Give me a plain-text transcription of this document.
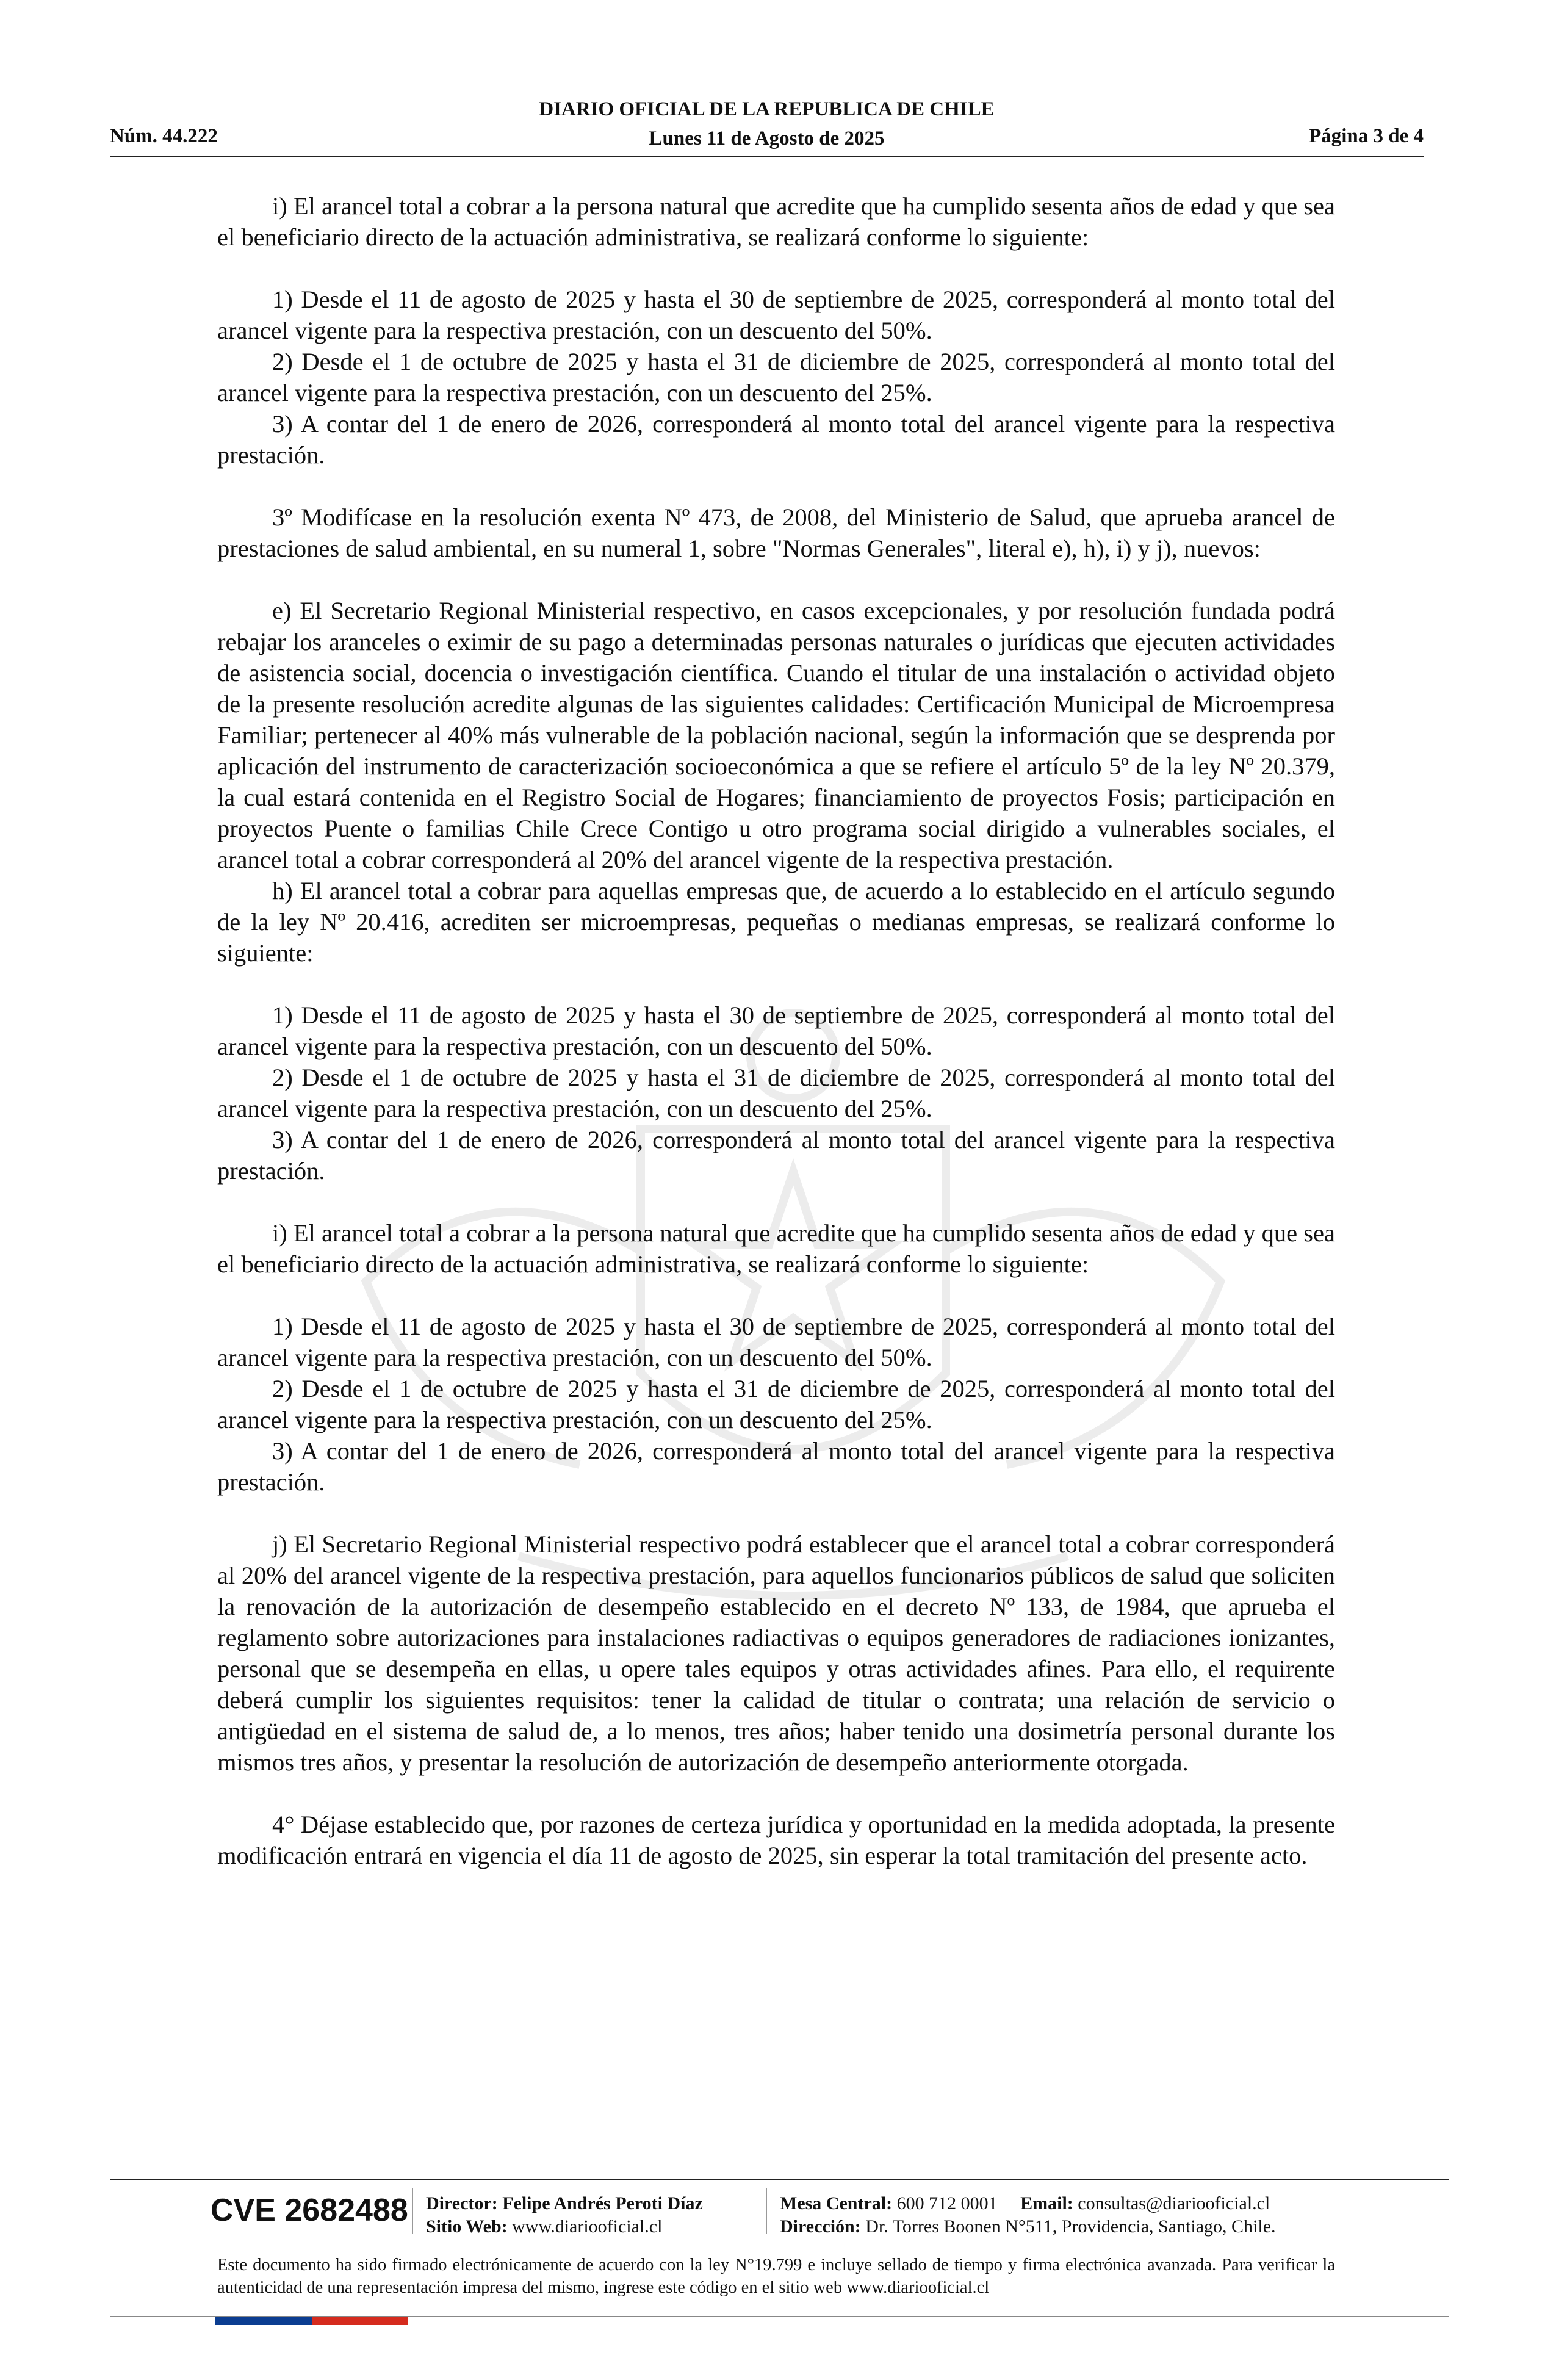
Núm. 44.222
DIARIO OFICIAL DE LA REPUBLICA DE CHILE
Lunes 11 de Agosto de 2025	Página 3 de 4

i) El arancel total a cobrar a la persona natural que acredite que ha cumplido sesenta años de edad y que sea el beneficiario directo de la actuación administrativa, se realizará conforme lo siguiente:

1) Desde el 11 de agosto de 2025 y hasta el 30 de septiembre de 2025, corresponderá al monto total del arancel vigente para la respectiva prestación, con un descuento del 50%.

2) Desde el 1 de octubre de 2025 y hasta el 31 de diciembre de 2025, corresponderá al monto total del arancel vigente para la respectiva prestación, con un descuento del 25%.

3) A contar del 1 de enero de 2026, corresponderá al monto total del arancel vigente para la respectiva prestación.

3º Modifícase en la resolución exenta Nº 473, de 2008, del Ministerio de Salud, que aprueba arancel de prestaciones de salud ambiental, en su numeral 1, sobre "Normas Generales", literal e), h), i) y j), nuevos:

e) El Secretario Regional Ministerial respectivo, en casos excepcionales, y por resolución fundada podrá rebajar los aranceles o eximir de su pago a determinadas personas naturales o jurídicas que ejecuten actividades de asistencia social, docencia o investigación científica. Cuando el titular de una instalación o actividad objeto de la presente resolución acredite algunas de las siguientes calidades: Certificación Municipal de Microempresa Familiar; pertenecer al 40% más vulnerable de la población nacional, según la información que se desprenda por aplicación del instrumento de caracterización socioeconómica a que se refiere el artículo 5º de la ley Nº 20.379, la cual estará contenida en el Registro Social de Hogares; financiamiento de proyectos Fosis; participación en proyectos Puente o familias Chile Crece Contigo u otro programa social dirigido a vulnerables sociales, el arancel total a cobrar corresponderá al 20% del arancel vigente de la respectiva prestación.

h) El arancel total a cobrar para aquellas empresas que, de acuerdo a lo establecido en el artículo segundo de la ley Nº 20.416, acrediten ser microempresas, pequeñas o medianas empresas, se realizará conforme lo siguiente:

1) Desde el 11 de agosto de 2025 y hasta el 30 de septiembre de 2025, corresponderá al monto total del arancel vigente para la respectiva prestación, con un descuento del 50%.

2) Desde el 1 de octubre de 2025 y hasta el 31 de diciembre de 2025, corresponderá al monto total del arancel vigente para la respectiva prestación, con un descuento del 25%.

3) A contar del 1 de enero de 2026, corresponderá al monto total del arancel vigente para la respectiva prestación.

i) El arancel total a cobrar a la persona natural que acredite que ha cumplido sesenta años de edad y que sea el beneficiario directo de la actuación administrativa, se realizará conforme lo siguiente:

1) Desde el 11 de agosto de 2025 y hasta el 30 de septiembre de 2025, corresponderá al monto total del arancel vigente para la respectiva prestación, con un descuento del 50%.

2) Desde el 1 de octubre de 2025 y hasta el 31 de diciembre de 2025, corresponderá al monto total del arancel vigente para la respectiva prestación, con un descuento del 25%.

3) A contar del 1 de enero de 2026, corresponderá al monto total del arancel vigente para la respectiva prestación.

j) El Secretario Regional Ministerial respectivo podrá establecer que el arancel total a cobrar corresponderá al 20% del arancel vigente de la respectiva prestación, para aquellos funcionarios públicos de salud que soliciten la renovación de la autorización de desempeño establecido en el decreto Nº 133, de 1984, que aprueba el reglamento sobre autorizaciones para instalaciones radiactivas o equipos generadores de radiaciones ionizantes, personal que se desempeña en ellas, u opere tales equipos y otras actividades afines. Para ello, el requirente deberá cumplir los siguientes requisitos: tener la calidad de titular o contrata; una relación de servicio o antigüedad en el sistema de salud de, a lo menos, tres años; haber tenido una dosimetría personal durante los mismos tres años, y presentar la resolución de autorización de desempeño anteriormente otorgada.

4° Déjase establecido que, por razones de certeza jurídica y oportunidad en la medida adoptada, la presente modificación entrará en vigencia el día 11 de agosto de 2025, sin esperar la total tramitación del presente acto.

CVE 2682488 Director: Felipe Andrés Peroti Díaz
Sitio Web: www.diariooficial.cl
Mesa Central: 600 712 0001 Email: consultas@diariooficial.cl
Dirección: Dr. Torres Boonen N°511, Providencia, Santiago, Chile.
Este documento ha sido firmado electrónicamente de acuerdo con la ley N°19.799 e incluye sellado de tiempo y firma electrónica avanzada. Para verificar la autenticidad de una representación impresa del mismo, ingrese este código en el sitio web www.diariooficial.cl
